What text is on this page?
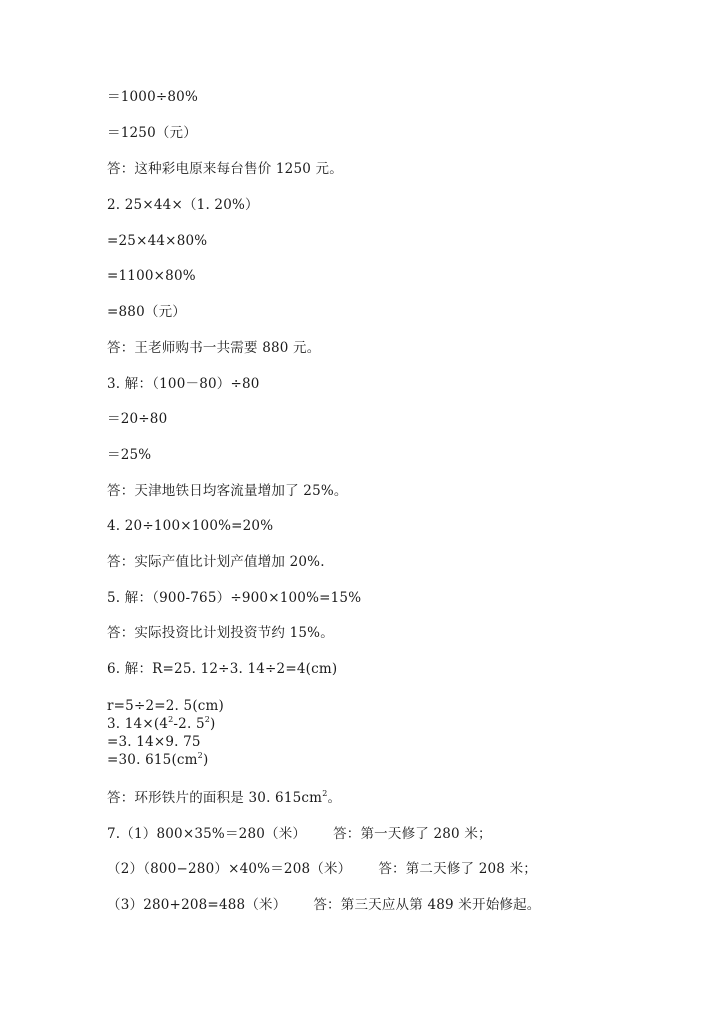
＝1000÷80%
＝1250（元）
答：这种彩电原来每台售价 1250 元。
2. 25×44×（1. 20%）
=25×44×80%
=1100×80%
=880（元）
答：王老师购书一共需要 880 元。
3. 解：（100－80）÷80
＝20÷80
＝25%
答：天津地铁日均客流量增加了 25%。
4. 20÷100×100%=20%
答：实际产值比计划产值增加 20%.
5. 解：（900-765）÷900×100%=15%
答：实际投资比计划投资节约 15%。
6. 解：R=25. 12÷3. 14÷2=4(cm)
r=5÷2=2. 5(cm)
3. $14\times(4^2-2$. $5^2$)
=3. 14×9. 75
=30. $615(cm^2)$
答：环形铁片的面积是 30. $615cm^2$。
7.（1）800×35%＝280（米）      答：第一天修了 280 米；
（2）（800−280）×40%＝208（米）      答：第二天修了 208 米；
（3）280+208=488（米）      答：第三天应从第 489 米开始修起。
